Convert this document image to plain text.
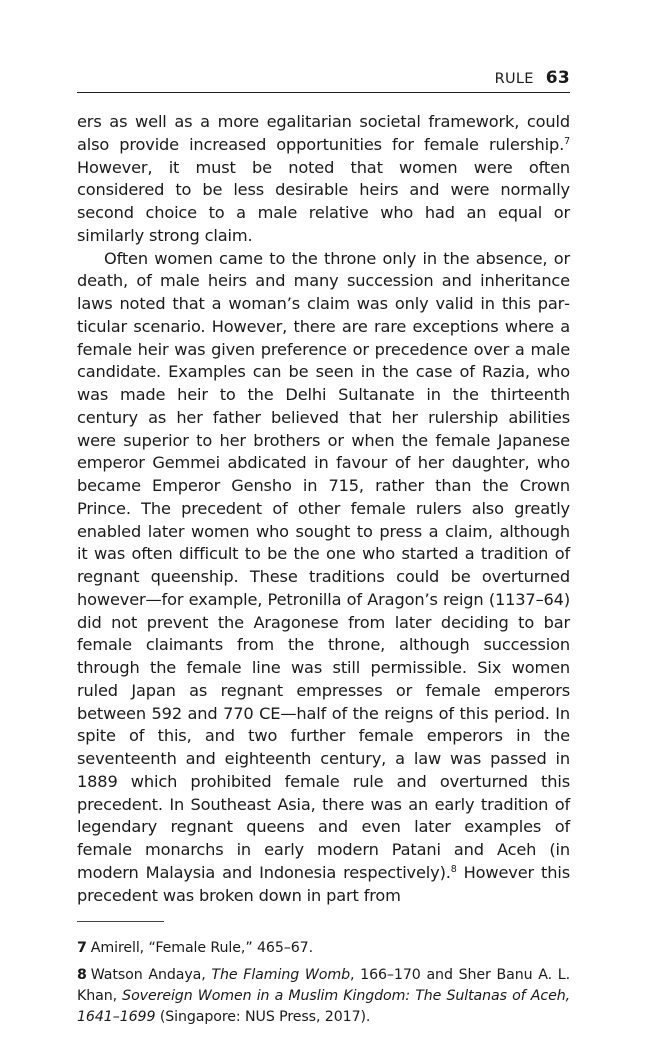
RULE 63

ers as well as a more egalitarian societal framework, could also provide increased opportunities for female rulership.$^7$ However, it must be noted that women were often considered to be less desirable heirs and were normally second choice to a male relative who had an equal or similarly strong claim.

Often women came to the throne only in the absence, or death, of male heirs and many succession and inheritance laws noted that a woman’s claim was only valid in this particular scenario. However, there are rare exceptions where a female heir was given preference or precedence over a male candidate. Examples can be seen in the case of Razia, who was made heir to the Delhi Sultanate in the thirteenth century as her father believed that her rulership abilities were superior to her brothers or when the female Japanese emperor Gemmei abdicated in favour of her daughter, who became Emperor Gensho in 715, rather than the Crown Prince. The precedent of other female rulers also greatly enabled later women who sought to press a claim, although it was often difficult to be the one who started a tradition of regnant queenship. These traditions could be overturned however—for example, Petronilla of Aragon’s reign (1137–64) did not prevent the Aragonese from later deciding to bar female claimants from the throne, although succession through the female line was still permissible. Six women ruled Japan as regnant empresses or female emperors between 592 and 770 CE—half of the reigns of this period. In spite of this, and two further female emperors in the seventeenth and eighteenth century, a law was passed in 1889 which prohibited female rule and overturned this precedent. In Southeast Asia, there was an early tradition of legendary regnant queens and even later examples of female monarchs in early modern Patani and Aceh (in modern Malaysia and Indonesia respectively).$^8$ However this precedent was broken down in part from

7 Amirell, “Female Rule,” 465–67.

8 Watson Andaya, The Flaming Womb, 166–170 and Sher Banu A. L. Khan, Sovereign Women in a Muslim Kingdom: The Sultanas of Aceh, 1641–1699 (Singapore: NUS Press, 2017).
